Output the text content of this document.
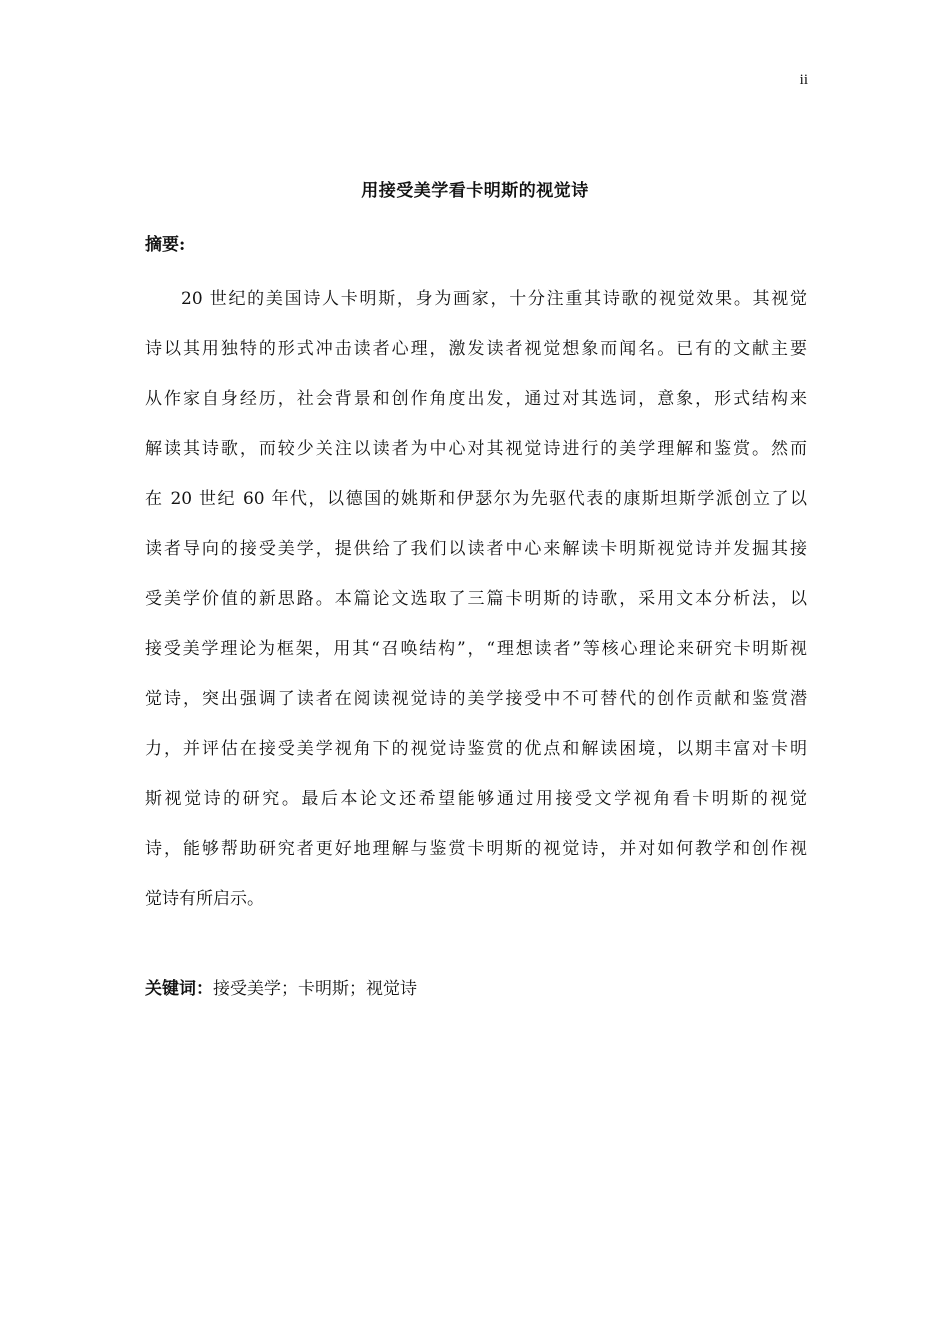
ii
用接受美学看卡明斯的视觉诗
摘要:
20 世纪的美国诗人卡明斯，身为画家，十分注重其诗歌的视觉效果。其视觉
诗以其用独特的形式冲击读者心理，激发读者视觉想象而闻名。已有的文献主要
从作家自身经历，社会背景和创作角度出发，通过对其选词，意象，形式结构来
解读其诗歌，而较少关注以读者为中心对其视觉诗进行的美学理解和鉴赏。然而
在 20 世纪 60 年代，以德国的姚斯和伊瑟尔为先驱代表的康斯坦斯学派创立了以
读者导向的接受美学，提供给了我们以读者中心来解读卡明斯视觉诗并发掘其接
受美学价值的新思路。本篇论文选取了三篇卡明斯的诗歌，采用文本分析法，以
接受美学理论为框架，用其“召唤结构”，“理想读者”等核心理论来研究卡明斯视
觉诗，突出强调了读者在阅读视觉诗的美学接受中不可替代的创作贡献和鉴赏潜
力，并评估在接受美学视角下的视觉诗鉴赏的优点和解读困境，以期丰富对卡明
斯视觉诗的研究。最后本论文还希望能够通过用接受文学视角看卡明斯的视觉
诗，能够帮助研究者更好地理解与鉴赏卡明斯的视觉诗，并对如何教学和创作视
觉诗有所启示。
关键词：接受美学；卡明斯；视觉诗
